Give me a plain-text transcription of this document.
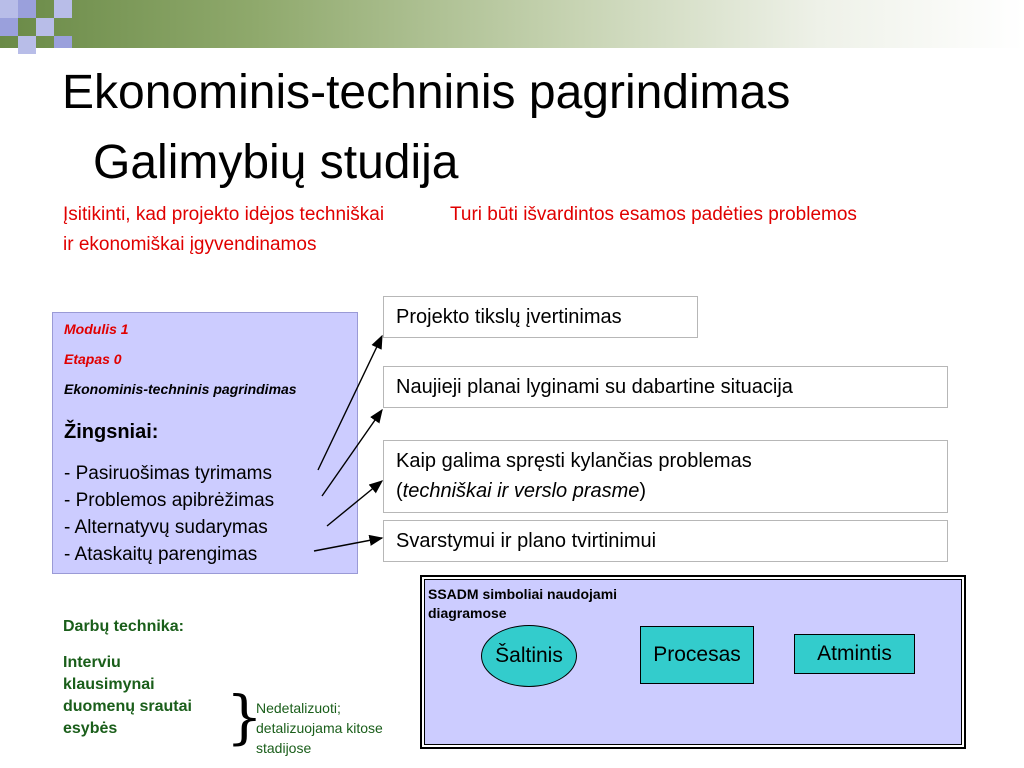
Ekonominis-techninis pagrindimas
Galimybių studija
Įsitikinti, kad projekto idėjos techniškai ir ekonomiškai įgyvendinamos
Turi būti išvardintos esamos padėties problemos
Modulis 1
Etapas 0
Ekonominis-techninis pagrindimas
Žingsniai:
- Pasiruošimas tyrimams
- Problemos apibrėžimas
- Alternatyvų sudarymas
- Ataskaitų parengimas
Projekto tikslų įvertinimas
Naujieji planai lyginami su dabartine situacija
Kaip galima spręsti kylančias problemas
(techniškai ir verslo prasme)
Svarstymui ir plano tvirtinimui
Darbų technika:
Interviu
klausimynai
duomenų srautai
esybės	}
Nedetalizuoti;
detalizuojama kitose
stadijose
SSADM simboliai naudojami diagramose
Šaltinis	Procesas	Atmintis
